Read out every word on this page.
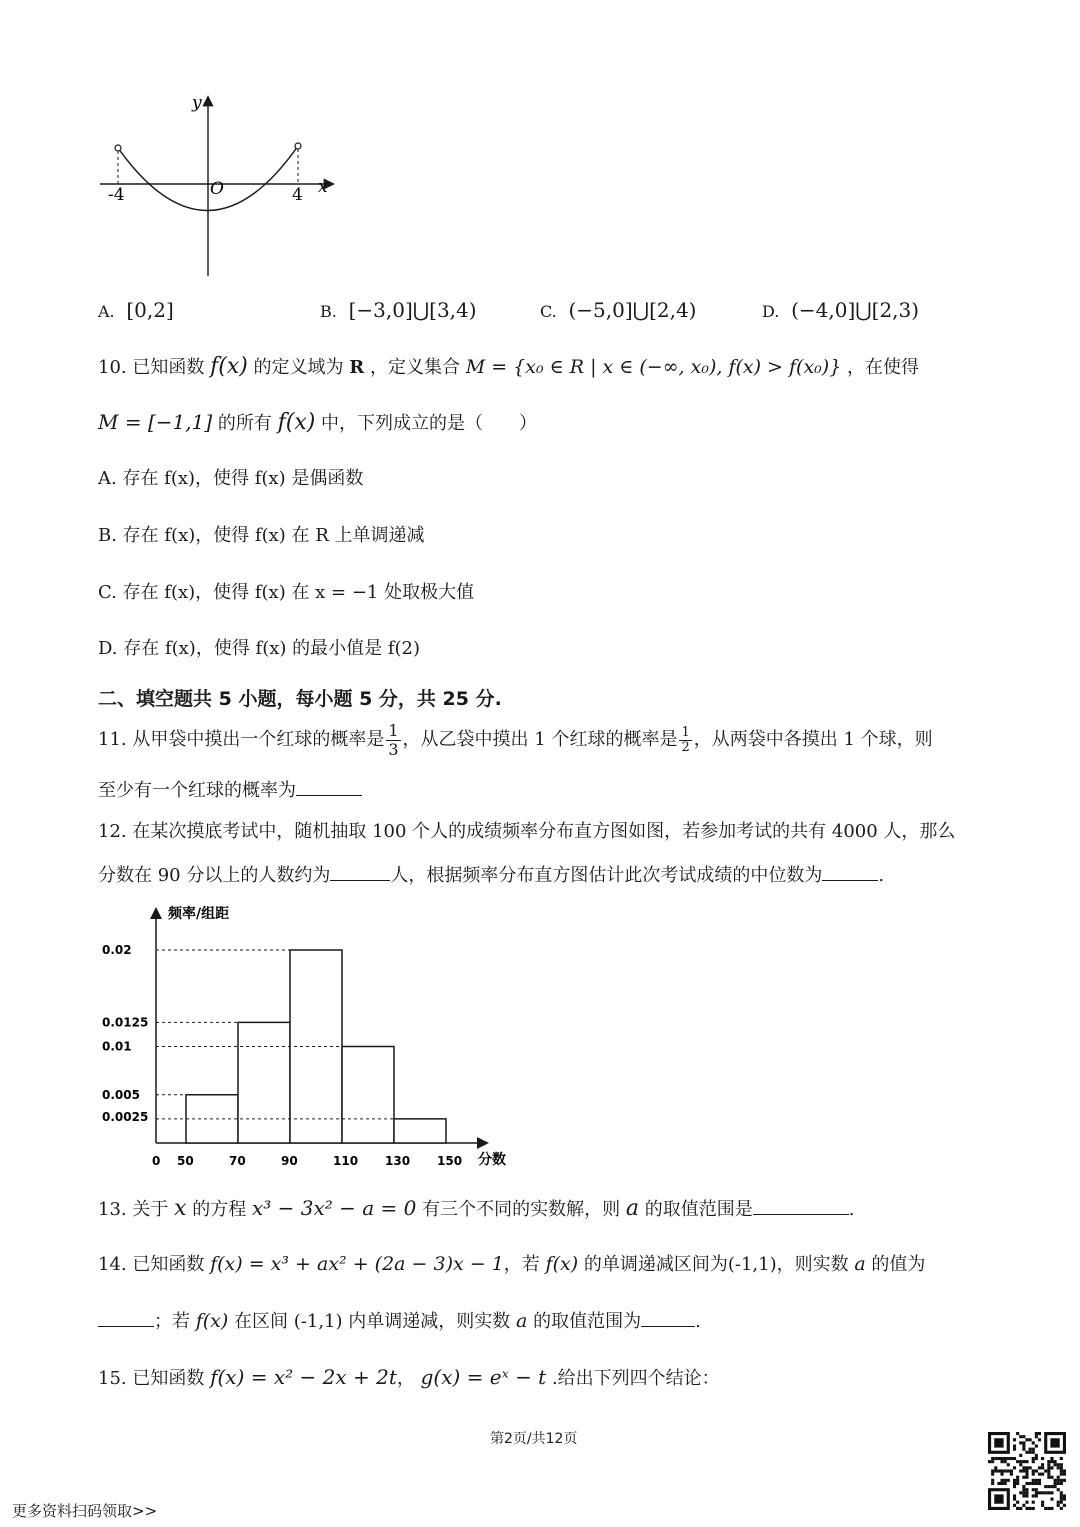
y
x
O
-4	4
A. [0,2]	B. [−3,0]⋃[3,4)	C. (−5,0]⋃[2,4)	D. (−4,0]⋃[2,3)
10. 已知函数 f(x) 的定义域为 R ，定义集合 M = {x₀ ∈ R | x ∈ (−∞, x₀), f(x) > f(x₀)} ，在使得
M = [−1,1] 的所有 f(x) 中，下列成立的是（　　）
A. 存在 f(x)，使得 f(x) 是偶函数
B. 存在 f(x)，使得 f(x) 在 R 上单调递减
C. 存在 f(x)，使得 f(x) 在 x = −1 处取极大值
D. 存在 f(x)，使得 f(x) 的最小值是 f(2)
二、填空题共 5 小题，每小题 5 分，共 25 分.
11. 从甲袋中摸出一个红球的概率是 $\frac{1}{3}$ ，从乙袋中摸出 1 个红球的概率是 $\frac{1}{2}$ ，从两袋中各摸出 1 个球，则
至少有一个红球的概率为
12. 在某次摸底考试中，随机抽取 100 个人的成绩频率分布直方图如图，若参加考试的共有 4000 人，那么
分数在 90 分以上的人数约为	人，根据频率分布直方图估计此次考试成绩的中位数为	.
0.02
0.0125
0.01
0.005
0.0025
0 50	70	90	110 130 150
频率/组距
分数
13. 关于 x 的方程 x³ − 3x² − a = 0 有三个不同的实数解，则 a 的取值范围是	.
14. 已知函数 f(x) = x³ + ax² + (2a − 3)x − 1，若 f(x) 的单调递减区间为(-1,1)，则实数 a 的值为
；若 f(x) 在区间 (-1,1) 内单调递减，则实数 a 的取值范围为	.
15. 已知函数 f(x) = x² − 2x + 2t， g(x) = eˣ − t .给出下列四个结论：
第2页/共12页
更多资料扫码领取>>
